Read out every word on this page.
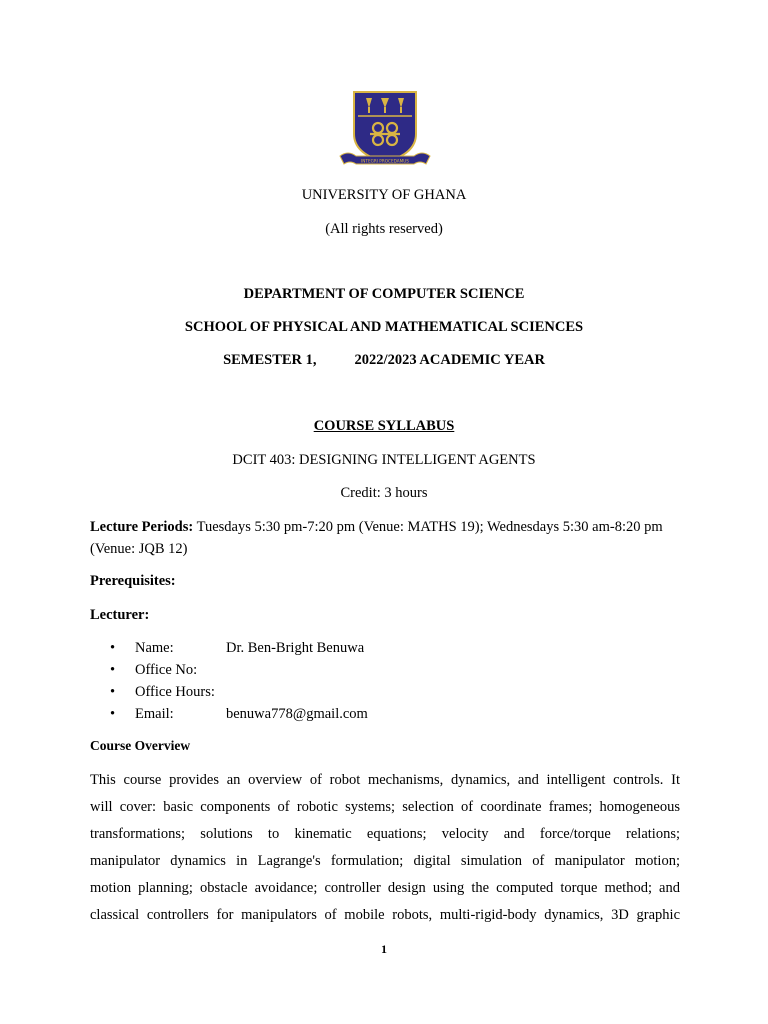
INTEGRI PROCEDAMUS
UNIVERSITY OF GHANA
(All rights reserved)
DEPARTMENT OF COMPUTER SCIENCE
SCHOOL OF PHYSICAL AND MATHEMATICAL SCIENCES
SEMESTER 1,	2022/2023 ACADEMIC YEAR
COURSE SYLLABUS
DCIT 403: DESIGNING INTELLIGENT AGENTS
Credit: 3 hours
Lecture Periods: Tuesdays 5:30 pm-7:20 pm (Venue: MATHS 19); Wednesdays 5:30 am-8:20 pm (Venue: JQB 12)
Prerequisites:
Lecturer:
•	Name:	Dr. Ben-Bright Benuwa
•	Office No:
•	Office Hours:
•	Email:	benuwa778@gmail.com
Course Overview
This course provides an overview of robot mechanisms, dynamics, and intelligent controls. It
will cover: basic components of robotic systems; selection of coordinate frames; homogeneous
transformations; solutions to kinematic equations; velocity and force/torque relations;
manipulator dynamics in Lagrange's formulation; digital simulation of manipulator motion;
motion planning; obstacle avoidance; controller design using the computed torque method; and
classical controllers for manipulators of mobile robots, multi-rigid-body dynamics, 3D graphic
1
